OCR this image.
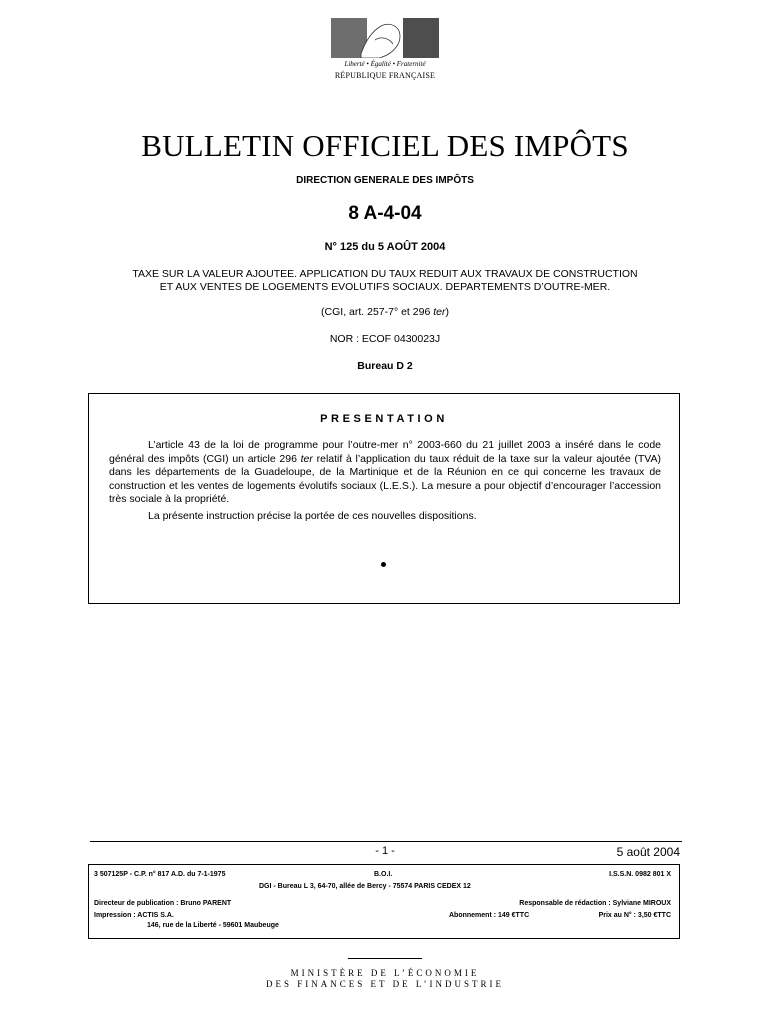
Liberté • Égalité • Fraternité
RÉPUBLIQUE FRANÇAISE
BULLETIN OFFICIEL DES IMPÔTS
DIRECTION GENERALE DES IMPÔTS
8 A-4-04
N° 125 du 5 AOÛT 2004
TAXE SUR LA VALEUR AJOUTEE. APPLICATION DU TAUX REDUIT AUX TRAVAUX DE CONSTRUCTION
ET AUX VENTES DE LOGEMENTS EVOLUTIFS SOCIAUX. DEPARTEMENTS D’OUTRE-MER.
(CGI, art. 257-7° et 296 ter)
NOR : ECOF 0430023J
Bureau D 2
PRESENTATION

L’article 43 de la loi de programme pour l’outre-mer n° 2003-660 du 21 juillet 2003 a inséré dans le code général des impôts (CGI) un article 296 ter relatif à l’application du taux réduit de la taxe sur la valeur ajoutée (TVA) dans les départements de la Guadeloupe, de la Martinique et de la Réunion en ce qui concerne les travaux de construction et les ventes de logements évolutifs sociaux (L.E.S.). La mesure a pour objectif d’encourager l’accession très sociale à la propriété.

La présente instruction précise la portée de ces nouvelles dispositions.

- 1 -	5 août 2004
3 507125P - C.P. n° 817 A.D. du 7-1-1975	B.O.I.	I.S.S.N. 0982 801 X
DGI - Bureau L 3, 64-70, allée de Bercy - 75574 PARIS CEDEX 12
Directeur de publication : Bruno PARENT	Responsable de rédaction : Sylviane MIROUX
Impression : ACTIS S.A.	Abonnement : 149 €TTC	Prix au N° : 3,50 €TTC
146, rue de la Liberté - 59601 Maubeuge
MINISTÈRE DE L’ÉCONOMIE
DES FINANCES ET DE L’INDUSTRIE
